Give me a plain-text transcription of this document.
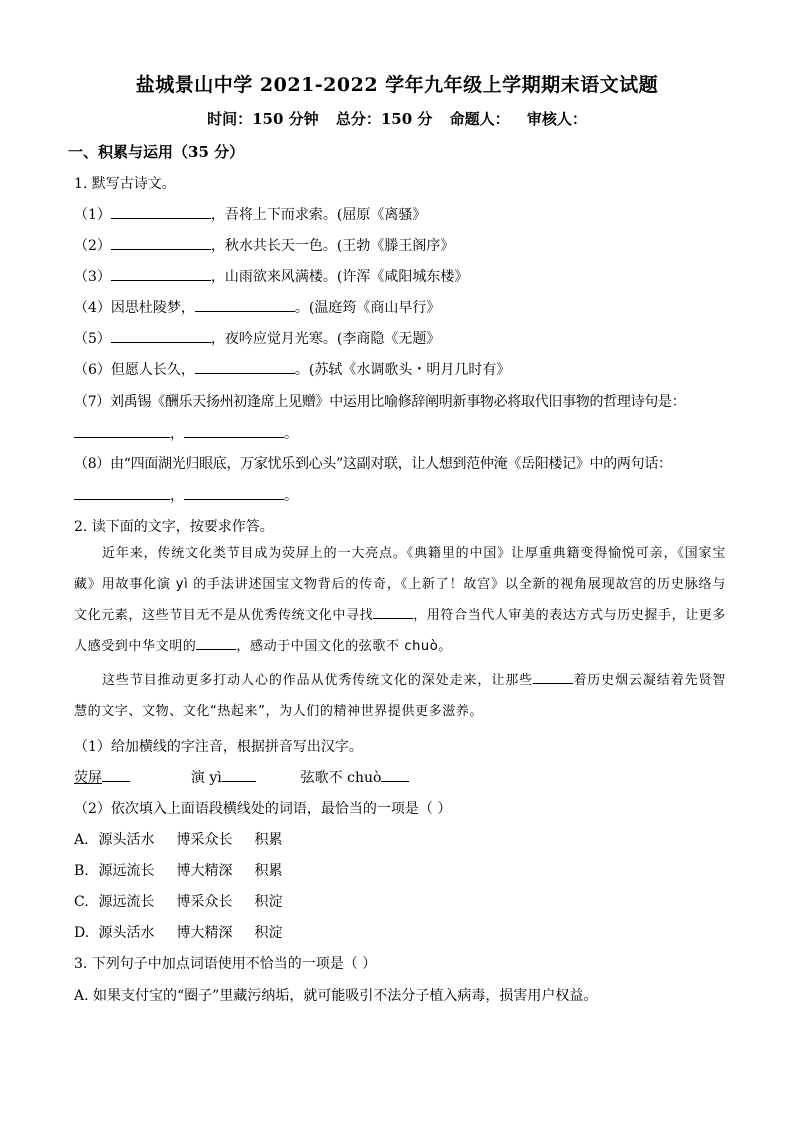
盐城景山中学 2021-2022 学年九年级上学期期末语文试题
时间：150 分钟 总分：150 分 命题人： 审核人：
一、积累与运用（35 分）
1. 默写古诗文。
（1）	，吾将上下而求索。(屈原《离骚》
（2）	，秋水共长天一色。(王勃《滕王阁序》
（3）	，山雨欲来风满楼。(许浑《咸阳城东楼》
（4）因思杜陵梦，	。(温庭筠《商山早行》
（5）	，夜吟应觉月光寒。(李商隐《无题》
（6）但愿人长久，	。(苏轼《水调歌头・明月几时有》
（7）刘禹锡《酬乐天扬州初逢席上见赠》中运用比喻修辞阐明新事物必将取代旧事物的哲理诗句是：
，	。
（8）由“四面湖光归眼底，万家忧乐到心头”这副对联，让人想到范仲淹《岳阳楼记》中的两句话：
，	。
2. 读下面的文字，按要求作答。
近年来，传统文化类节目成为荧屏上的一大亮点。《典籍里的中国》让厚重典籍变得愉悦可亲，《国家宝藏》用故事化演 yì 的手法讲述国宝文物背后的传奇，《上新了！故宫》以全新的视角展现故宫的历史脉络与文化元素，这些节目无不是从优秀传统文化中寻找	，用符合当代人审美的表达方式与历史握手，让更多人感受到中华文明的	，感动于中国文化的弦歌不 chuò。
这些节目推动更多打动人心的作品从优秀传统文化的深处走来，让那些	着历史烟云凝结着先贤智慧的文字、文物、文化“热起来”，为人们的精神世界提供更多滋养。
（1）给加横线的字注音，根据拼音写出汉字。
荧屏	演 yì	弦歌不 chuò
（2）依次填入上面语段横线处的词语，最恰当的一项是（ ）
A. 源头活水 博采众长 积累
B. 源远流长 博大精深 积累
C. 源远流长 博采众长 积淀
D. 源头活水 博大精深 积淀
3. 下列句子中加点词语使用不恰当的一项是（ ）
A. 如果支付宝的“圈子”里藏污纳垢，就可能吸引不法分子植入病毒，损害用户权益。
